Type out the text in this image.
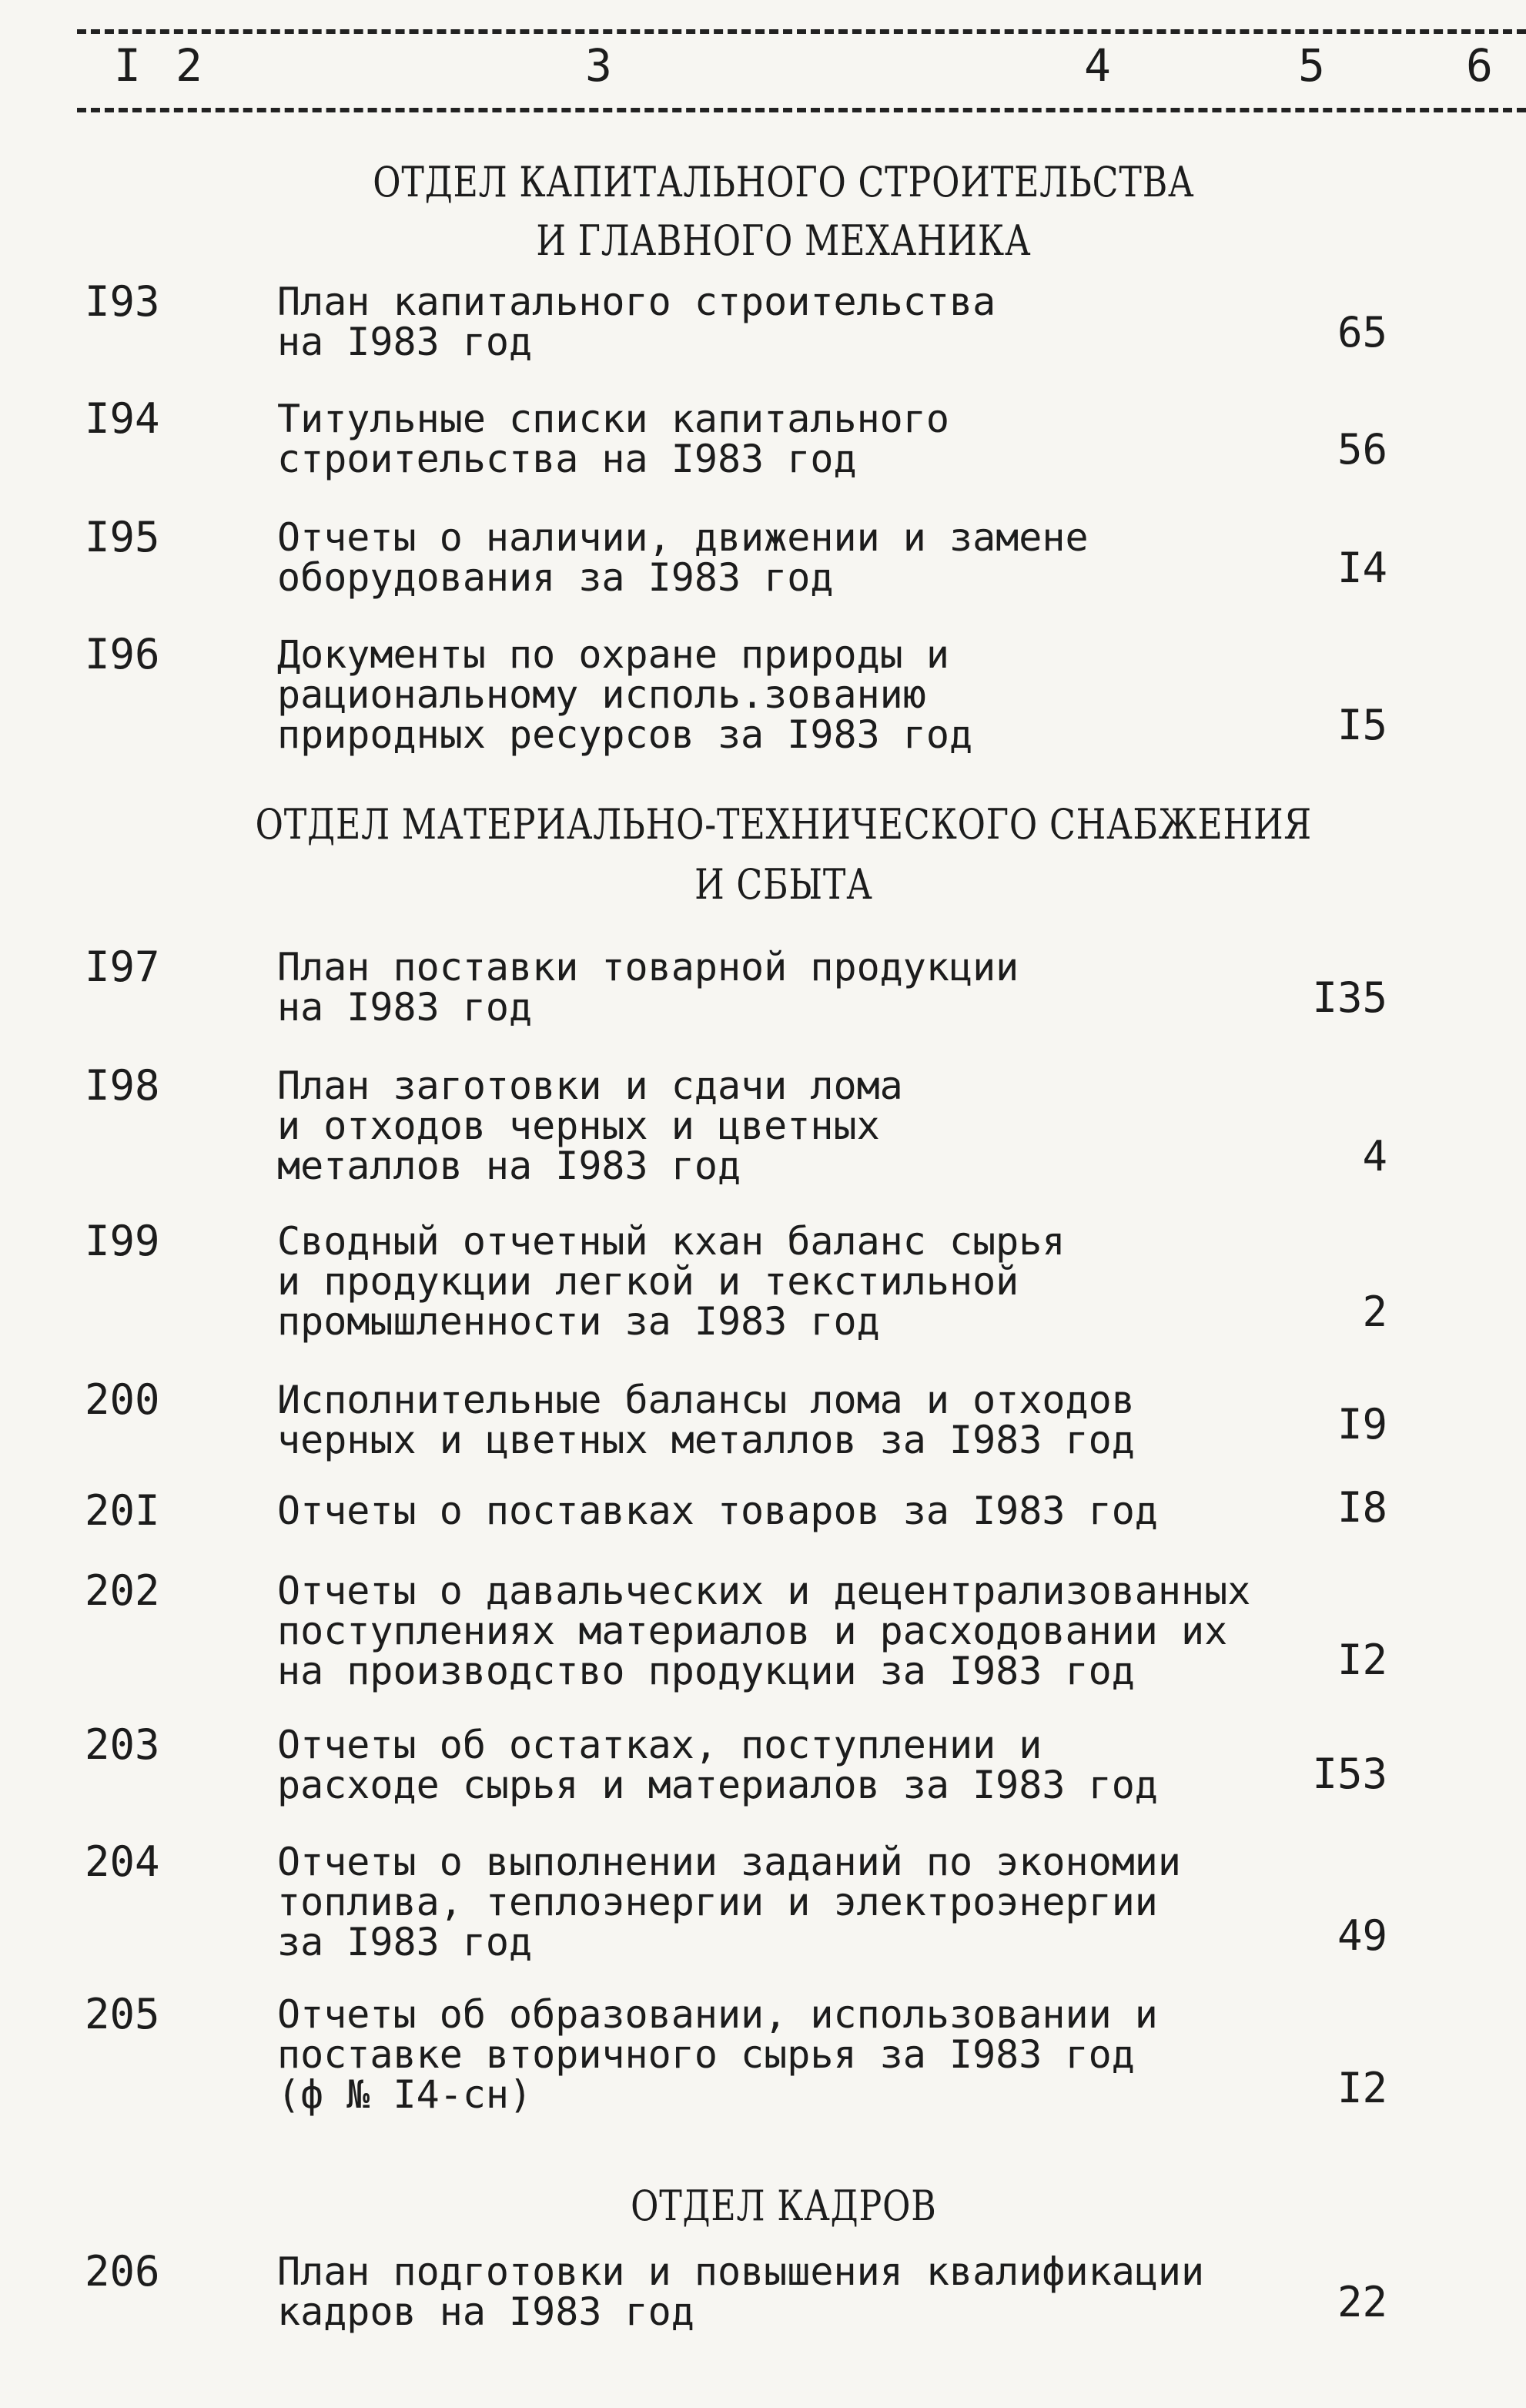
I 2	3	4	5	6
ОТДЕЛ КАПИТАЛЬНОГО СТРОИТЕЛЬСТВА
И ГЛАВНОГО МЕХАНИКА
I93	План капитального строительства
на I983 год	65
I94	Титульные списки капитального
строительства на I983 год	56
I95	Отчеты о наличии, движении и замене
оборудования за I983 год	I4
I96	Документы по охране природы и
рациональному исполь.зованию
природных ресурсов за I983 год	I5
ОТДЕЛ МАТЕРИАЛЬНО-ТЕХНИЧЕСКОГО СНАБЖЕНИЯ
И СБЫТА
I97	План поставки товарной продукции
на I983 год	I35
I98	План заготовки и сдачи лома
и отходов черных и цветных
металлов на I983 год	4
I99	Сводный отчетный кхан баланс сырья
и продукции легкой и текстильной
промышленности за I983 год	2
200	Исполнительные балансы лома и отходов
черных и цветных металлов за I983 год	I9
20I	Отчеты о поставках товаров за I983 год	I8
202	Отчеты о давальческих и децентрализованных
поступлениях материалов и расходовании их
на производство продукции за I983 год	I2
203	Отчеты об остатках, поступлении и
расходе сырья и материалов за I983 год	I53
204	Отчеты о выполнении заданий по экономии
топлива, теплоэнергии и электроэнергии
за I983 год	49
205	Отчеты об образовании, использовании и
поставке вторичного сырья за I983 год
(ф № I4-сн)	I2
ОТДЕЛ КАДРОВ
206	План подготовки и повышения квалификации
кадров на I983 год	22
